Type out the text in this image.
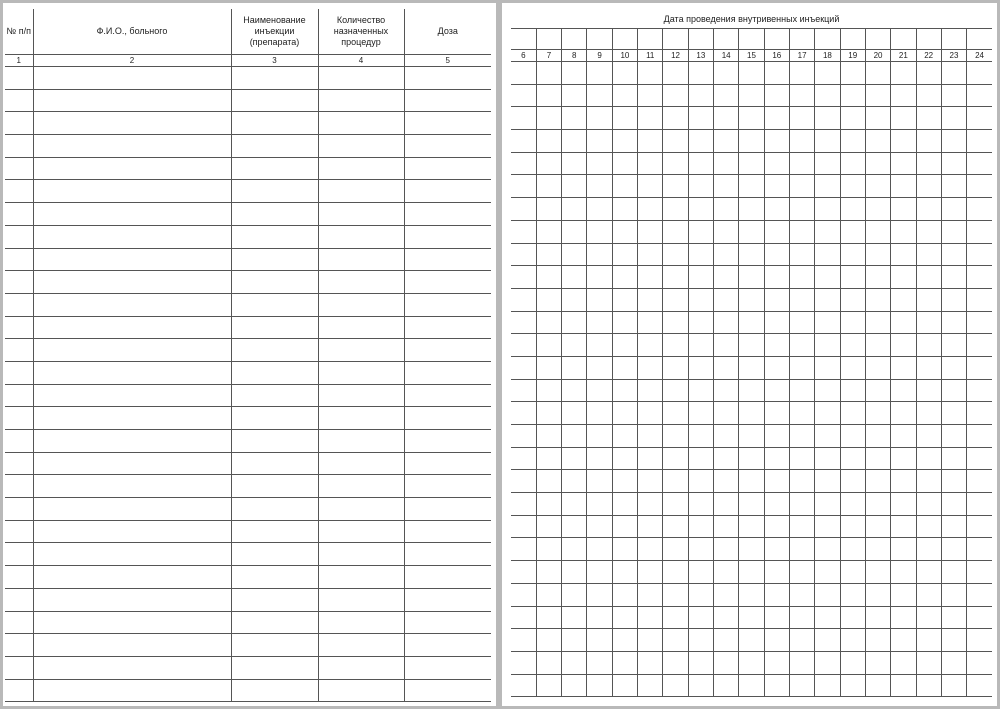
№ п/п	Ф.И.О., больного	Наименование инъекции (препарата)	Количество назначенных процедур	Доза
1	2	3	4	5

Дата проведения внутривенных инъекций																		

6	7	8	9	10	11	12	13	14	15	16	17	18	19	20	21	22	23	24
